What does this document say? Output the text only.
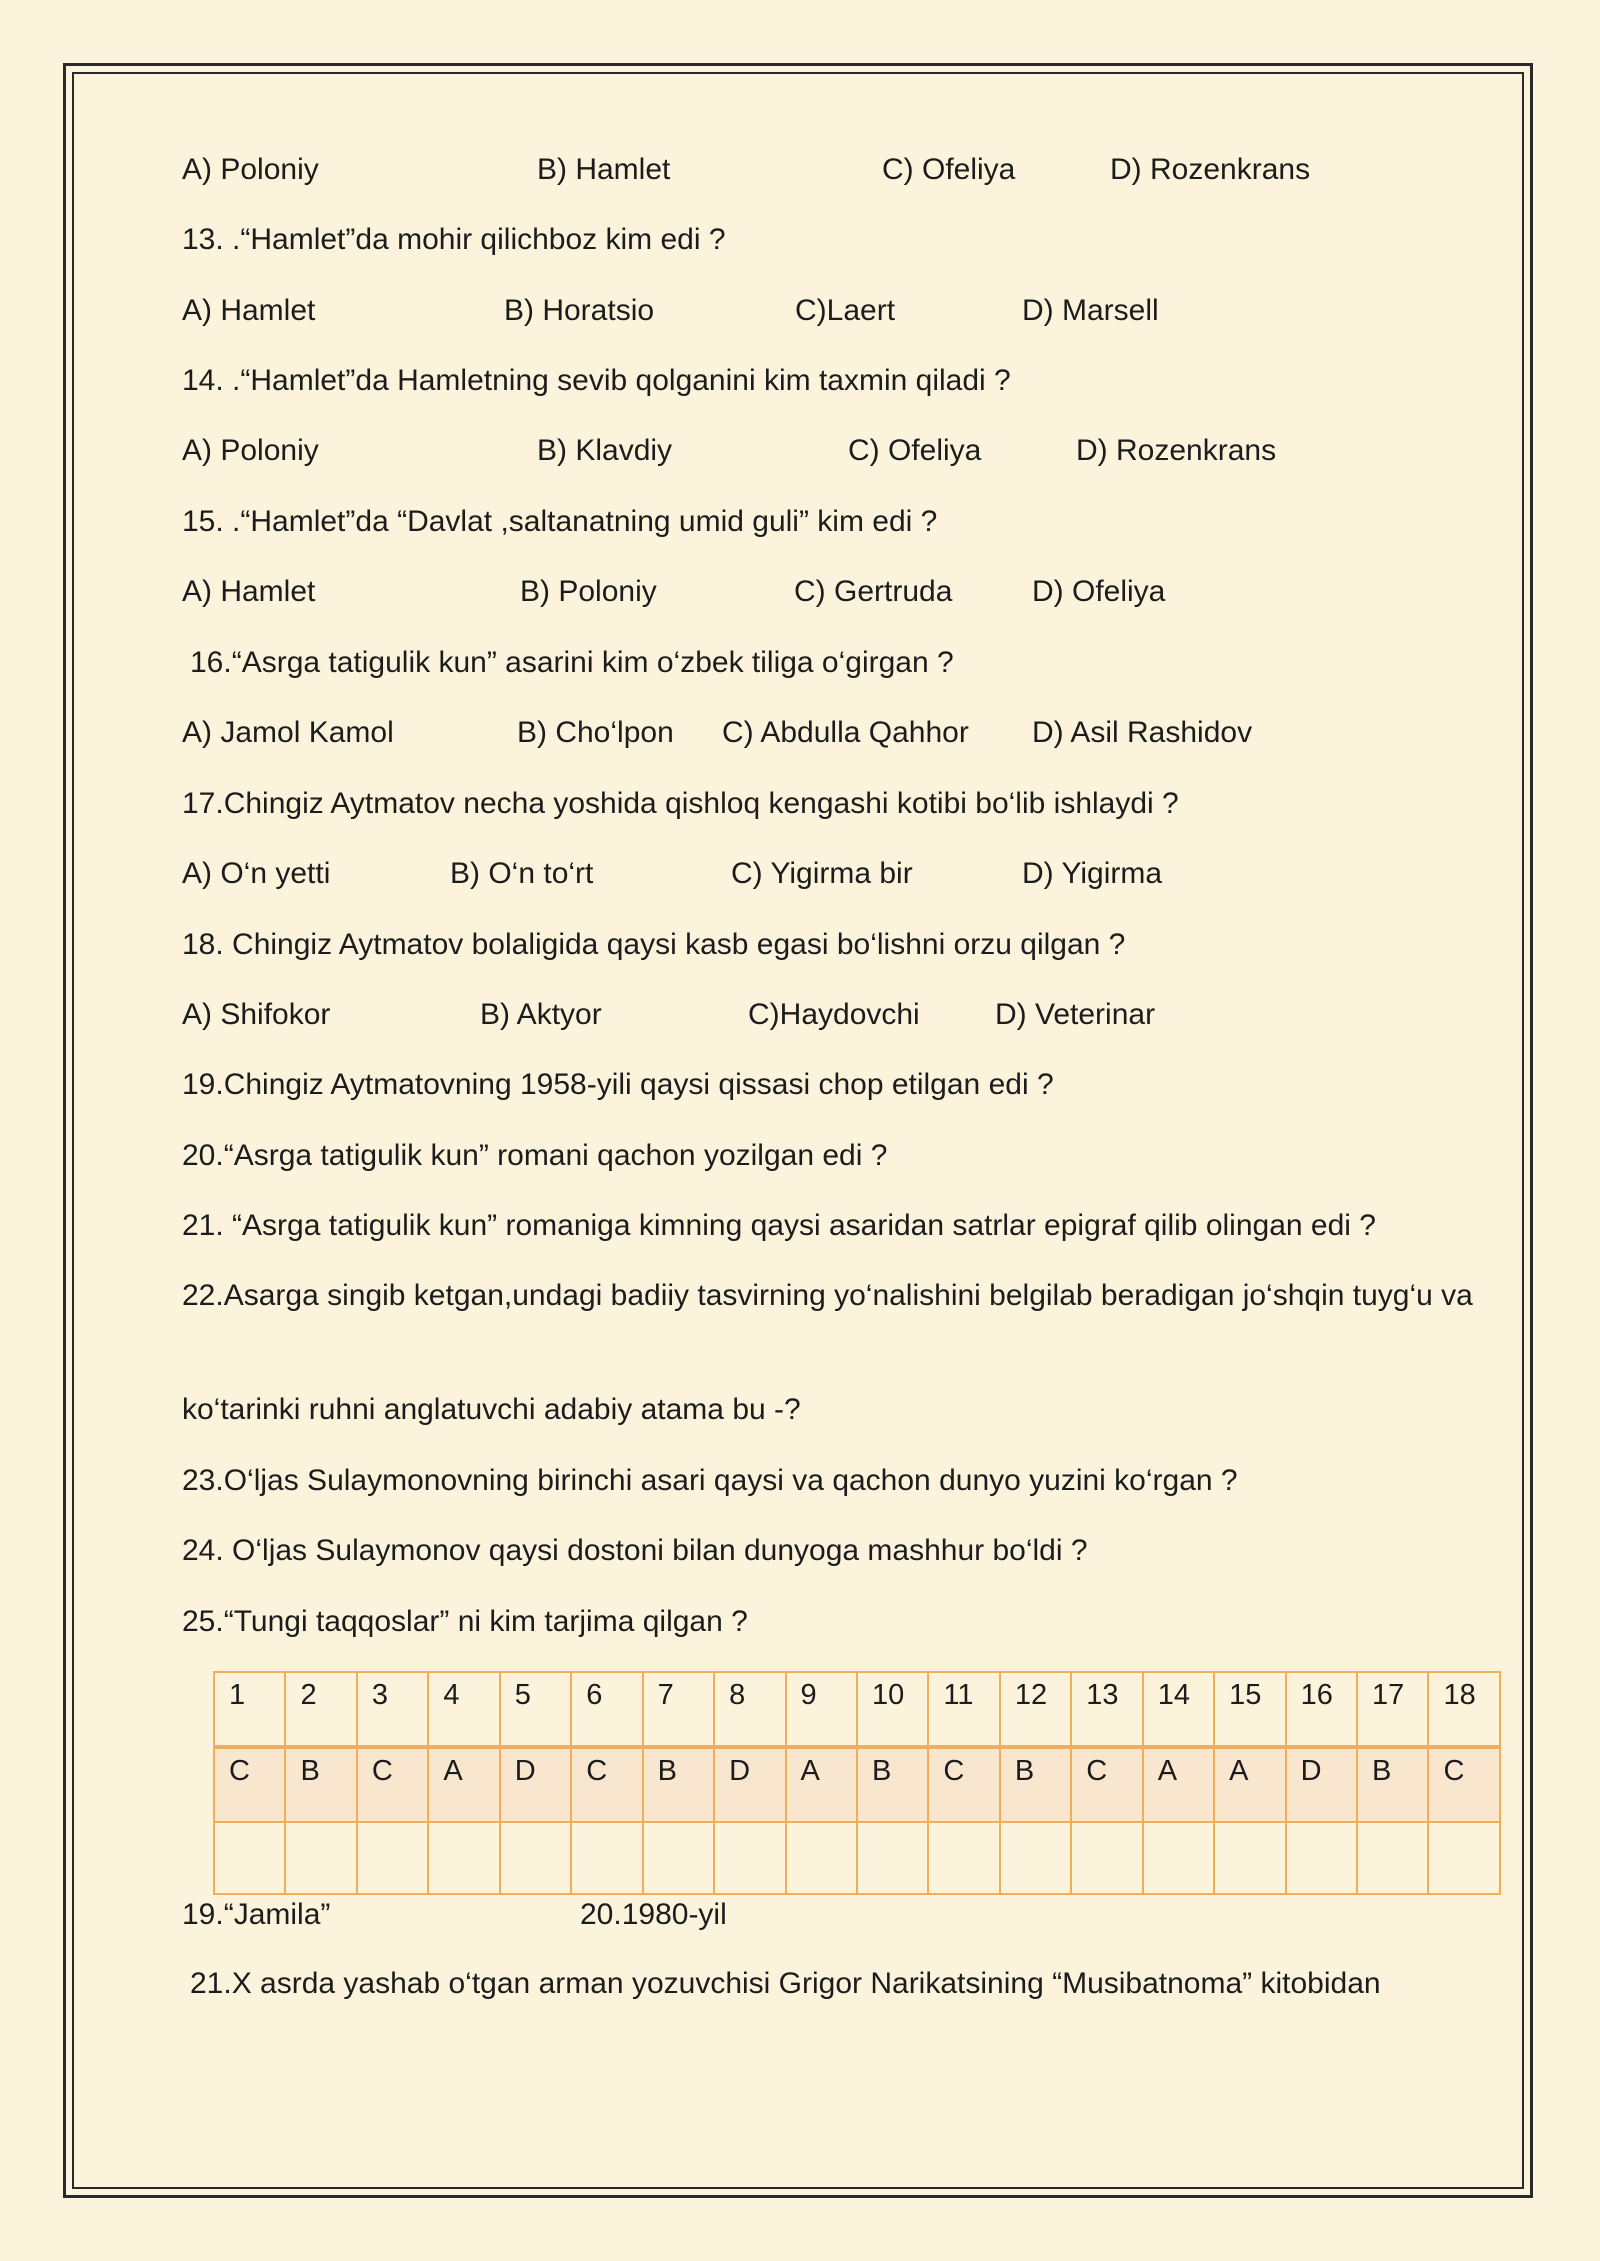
A) Poloniy	B) Hamlet	C) Ofeliya	D) Rozenkrans
13. .“Hamlet”da mohir qilichboz kim edi ?
A) Hamlet	B) Horatsio	C)Laert	D) Marsell
14. .“Hamlet”da Hamletning sevib qolganini kim taxmin qiladi ?
A) Poloniy	B) Klavdiy	C) Ofeliya	D) Rozenkrans
15. .“Hamlet”da “Davlat ,saltanatning umid guli” kim edi ?
A) Hamlet	B) Poloniy	C) Gertruda	D) Ofeliya
16.“Asrga tatigulik kun” asarini kim o‘zbek tiliga o‘girgan ?
A) Jamol Kamol	B) Cho‘lpon C) Abdulla Qahhor D) Asil Rashidov
17.Chingiz Aytmatov necha yoshida qishloq kengashi kotibi bo‘lib ishlaydi ?
A) O‘n yetti	B) O‘n to‘rt	C) Yigirma bir	D) Yigirma
18. Chingiz Aytmatov bolaligida qaysi kasb egasi bo‘lishni orzu qilgan ?
A) Shifokor	B) Aktyor	C)Haydovchi	D) Veterinar
19.Chingiz Aytmatovning 1958-yili qaysi qissasi chop etilgan edi ?
20.“Asrga tatigulik kun” romani qachon yozilgan edi ?
21. “Asrga tatigulik kun” romaniga kimning qaysi asaridan satrlar epigraf qilib olingan edi ?
22.Asarga singib ketgan,undagi badiiy tasvirning yo‘nalishini belgilab beradigan jo‘shqin tuyg‘u va
ko‘tarinki ruhni anglatuvchi adabiy atama bu -?
23.O‘ljas Sulaymonovning birinchi asari qaysi va qachon dunyo yuzini ko‘rgan ?
24. O‘ljas Sulaymonov qaysi dostoni bilan dunyoga mashhur bo‘ldi ?
25.“Tungi taqqoslar” ni kim tarjima qilgan ?
1	2	3	4	5	6	7	8	9	10	11	12	13	14	15	16	17	18
C	B	C	A	D	C	B	D	A	B	C	B	C	A	A	D	B	C

19.“Jamila”	20.1980-yil
21.X asrda yashab o‘tgan arman yozuvchisi Grigor Narikatsining “Musibatnoma” kitobidan
